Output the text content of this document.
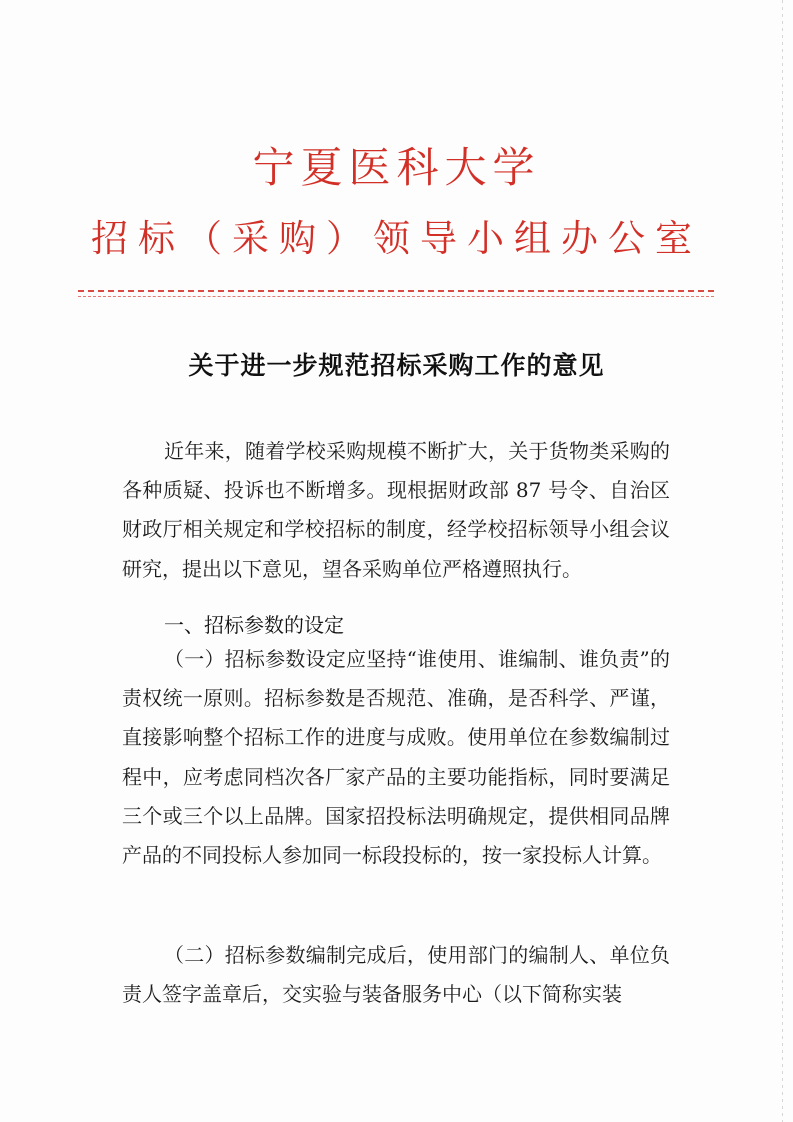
宁夏医科大学
招标（采购）领导小组办公室
关于进一步规范招标采购工作的意见

近年来，随着学校采购规模不断扩大，关于货物类采购的各种质疑、投诉也不断增多。现根据财政部 87 号令、自治区财政厅相关规定和学校招标的制度，经学校招标领导小组会议研究，提出以下意见，望各采购单位严格遵照执行。

一、招标参数的设定

（一）招标参数设定应坚持“谁使用、谁编制、谁负责”的责权统一原则。招标参数是否规范、准确，是否科学、严谨，直接影响整个招标工作的进度与成败。使用单位在参数编制过程中，应考虑同档次各厂家产品的主要功能指标，同时要满足三个或三个以上品牌。国家招投标法明确规定，提供相同品牌产品的不同投标人参加同一标段投标的，按一家投标人计算。

（二）招标参数编制完成后，使用部门的编制人、单位负责人签字盖章后，交实验与装备服务中心（以下简称实装
